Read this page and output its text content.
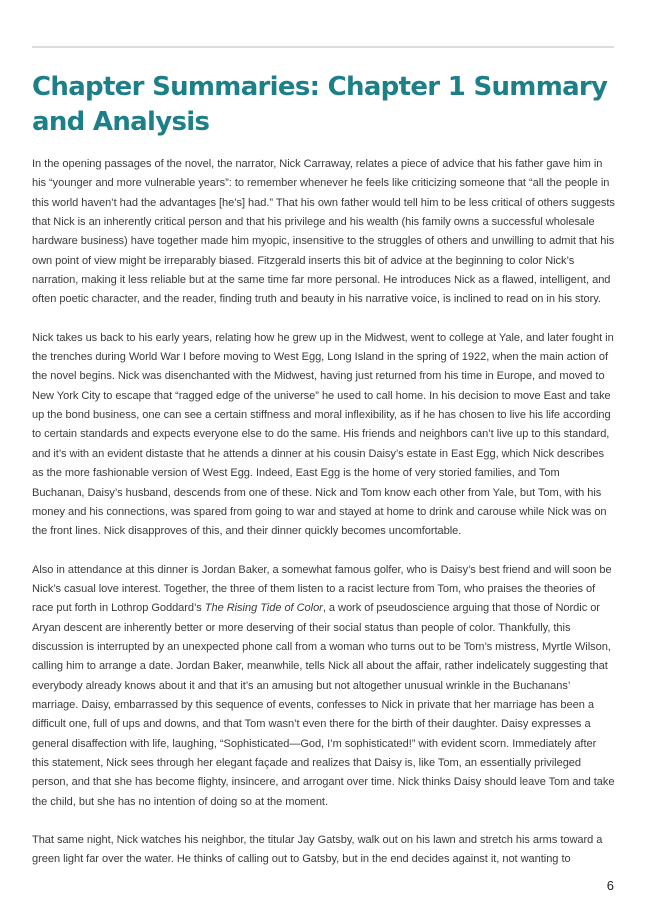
Chapter Summaries: Chapter 1 Summary and Analysis

In the opening passages of the novel, the narrator, Nick Carraway, relates a piece of advice that his father gave him in his “younger and more vulnerable years”: to remember whenever he feels like criticizing someone that “all the people in this world haven’t had the advantages [he’s] had.” That his own father would tell him to be less critical of others suggests that Nick is an inherently critical person and that his privilege and his wealth (his family owns a successful wholesale hardware business) have together made him myopic, insensitive to the struggles of others and unwilling to admit that his own point of view might be irreparably biased. Fitzgerald inserts this bit of advice at the beginning to color Nick’s narration, making it less reliable but at the same time far more personal. He introduces Nick as a flawed, intelligent, and often poetic character, and the reader, finding truth and beauty in his narrative voice, is inclined to read on in his story.

Nick takes us back to his early years, relating how he grew up in the Midwest, went to college at Yale, and later fought in the trenches during World War I before moving to West Egg, Long Island in the spring of 1922, when the main action of the novel begins. Nick was disenchanted with the Midwest, having just returned from his time in Europe, and moved to New York City to escape that “ragged edge of the universe” he used to call home. In his decision to move East and take up the bond business, one can see a certain stiffness and moral inflexibility, as if he has chosen to live his life according to certain standards and expects everyone else to do the same. His friends and neighbors can’t live up to this standard, and it’s with an evident distaste that he attends a dinner at his cousin Daisy’s estate in East Egg, which Nick describes as the more fashionable version of West Egg. Indeed, East Egg is the home of very storied families, and Tom Buchanan, Daisy’s husband, descends from one of these. Nick and Tom know each other from Yale, but Tom, with his money and his connections, was spared from going to war and stayed at home to drink and carouse while Nick was on the front lines. Nick disapproves of this, and their dinner quickly becomes uncomfortable.

Also in attendance at this dinner is Jordan Baker, a somewhat famous golfer, who is Daisy’s best friend and will soon be Nick’s casual love interest. Together, the three of them listen to a racist lecture from Tom, who praises the theories of race put forth in Lothrop Goddard’s The Rising Tide of Color, a work of pseudoscience arguing that those of Nordic or Aryan descent are inherently better or more deserving of their social status than people of color. Thankfully, this discussion is interrupted by an unexpected phone call from a woman who turns out to be Tom’s mistress, Myrtle Wilson, calling him to arrange a date. Jordan Baker, meanwhile, tells Nick all about the affair, rather indelicately suggesting that everybody already knows about it and that it’s an amusing but not altogether unusual wrinkle in the Buchanans’ marriage. Daisy, embarrassed by this sequence of events, confesses to Nick in private that her marriage has been a difficult one, full of ups and downs, and that Tom wasn’t even there for the birth of their daughter. Daisy expresses a general disaffection with life, laughing, “Sophisticated—God, I’m sophisticated!” with evident scorn. Immediately after this statement, Nick sees through her elegant façade and realizes that Daisy is, like Tom, an essentially privileged person, and that she has become flighty, insincere, and arrogant over time. Nick thinks Daisy should leave Tom and take the child, but she has no intention of doing so at the moment.

That same night, Nick watches his neighbor, the titular Jay Gatsby, walk out on his lawn and stretch his arms toward a green light far over the water. He thinks of calling out to Gatsby, but in the end decides against it, not wanting to

6
